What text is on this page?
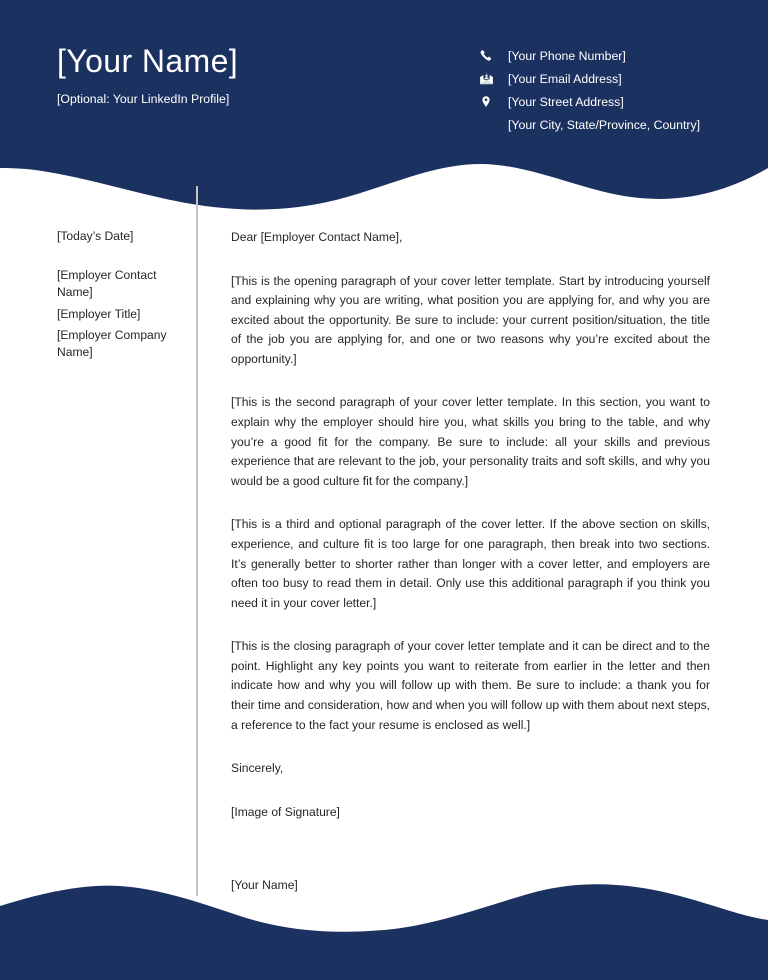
[Your Name]
[Optional: Your LinkedIn Profile]
[Your Phone Number]
[Your Email Address]
[Your Street Address]
[Your City, State/Province, Country]
[Today’s Date]
[Employer Contact Name]
[Employer Title]
[Employer Company Name]
Dear [Employer Contact Name],
[This is the opening paragraph of your cover letter template. Start by introducing yourself and explaining why you are writing, what position you are applying for, and why you are excited about the opportunity. Be sure to include: your current position/situation, the title of the job you are applying for, and one or two reasons why you’re excited about the opportunity.]
[This is the second paragraph of your cover letter template. In this section, you want to explain why the employer should hire you, what skills you bring to the table, and why you’re a good fit for the company. Be sure to include: all your skills and previous experience that are relevant to the job, your personality traits and soft skills, and why you would be a good culture fit for the company.]
[This is a third and optional paragraph of the cover letter. If the above section on skills, experience, and culture fit is too large for one paragraph, then break into two sections. It’s generally better to shorter rather than longer with a cover letter, and employers are often too busy to read them in detail. Only use this additional paragraph if you think you need it in your cover letter.]
[This is the closing paragraph of your cover letter template and it can be direct and to the point. Highlight any key points you want to reiterate from earlier in the letter and then indicate how and why you will follow up with them. Be sure to include: a thank you for their time and consideration, how and when you will follow up with them about next steps, a reference to the fact your resume is enclosed as well.]
Sincerely,
[Image of Signature]
[Your Name]
